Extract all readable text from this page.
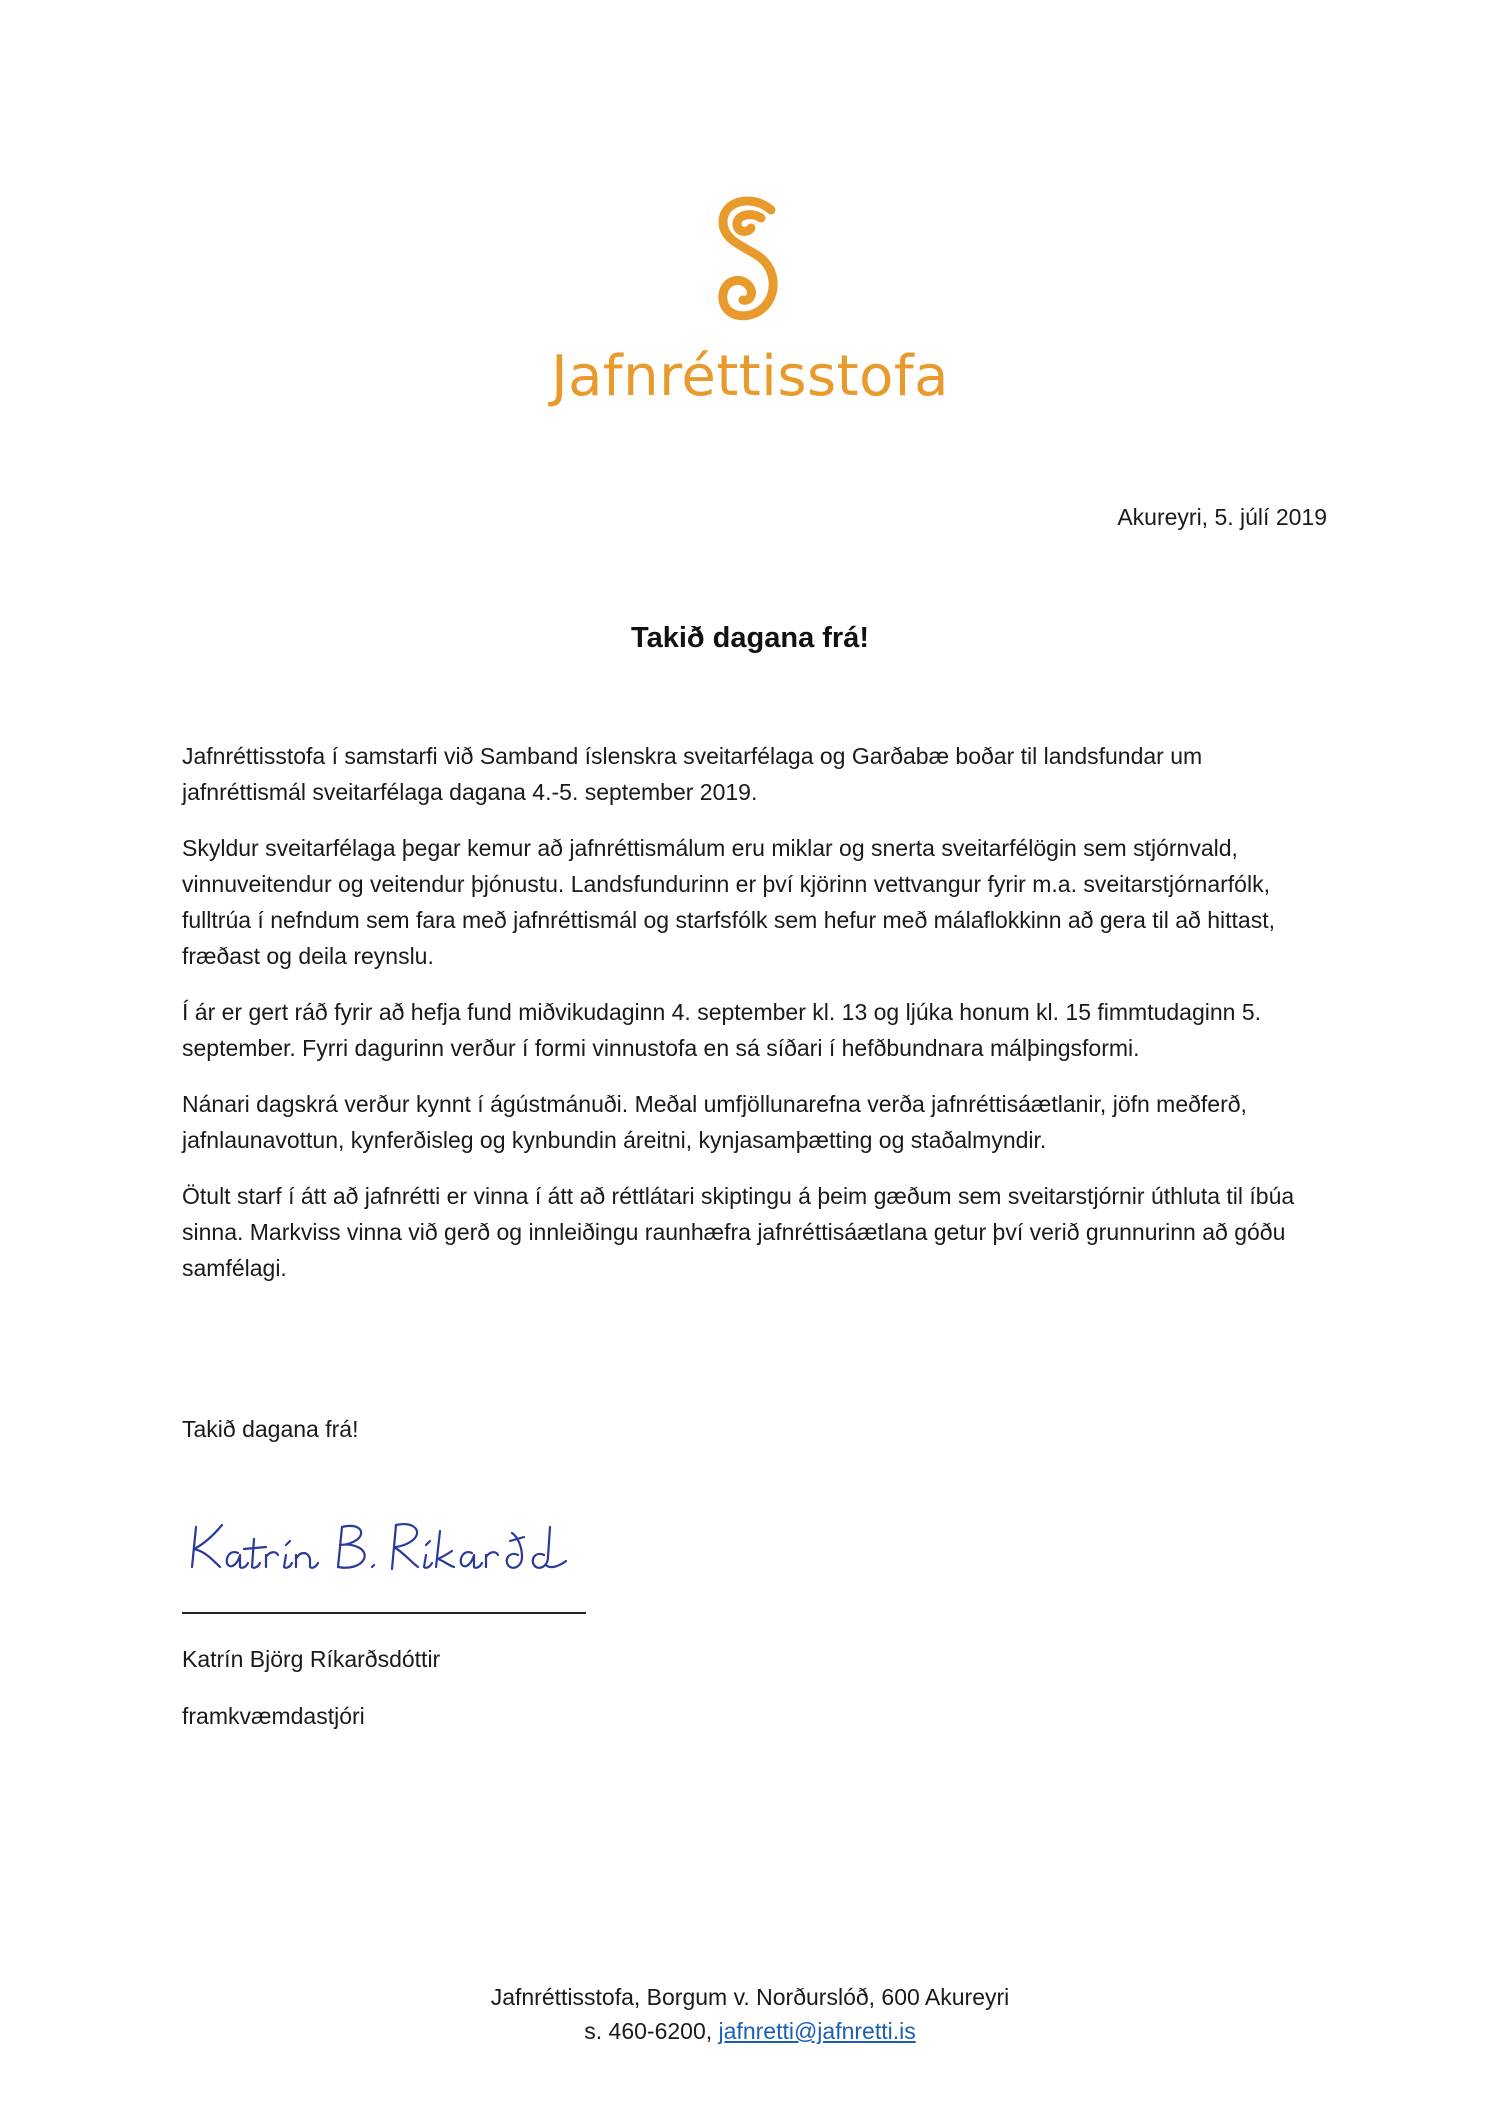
Jafnréttisstofa
Akureyri, 5. júlí 2019
Takið dagana frá!

Jafnréttisstofa í samstarfi við Samband íslenskra sveitarfélaga og Garðabæ boðar til landsfundar um jafnréttismál sveitarfélaga dagana 4.-5. september 2019.

Skyldur sveitarfélaga þegar kemur að jafnréttismálum eru miklar og snerta sveitarfélögin sem stjórnvald, vinnuveitendur og veitendur þjónustu. Landsfundurinn er því kjörinn vettvangur fyrir m.a. sveitarstjórnarfólk, fulltrúa í nefndum sem fara með jafnréttismál og starfsfólk sem hefur með málaflokkinn að gera til að hittast, fræðast og deila reynslu.

Í ár er gert ráð fyrir að hefja fund miðvikudaginn 4. september kl. 13 og ljúka honum kl. 15 fimmtudaginn 5. september. Fyrri dagurinn verður í formi vinnustofa en sá síðari í hefðbundnara málþingsformi.

Nánari dagskrá verður kynnt í ágústmánuði. Meðal umfjöllunarefna verða jafnréttisáætlanir, jöfn meðferð, jafnlaunavottun, kynferðisleg og kynbundin áreitni, kynjasamþætting og staðalmyndir.

Ötult starf í átt að jafnrétti er vinna í átt að réttlátari skiptingu á þeim gæðum sem sveitarstjórnir úthluta til íbúa sinna. Markviss vinna við gerð og innleiðingu raunhæfra jafnréttisáætlana getur því verið grunnurinn að góðu samfélagi.

Takið dagana frá!
Katrín Björg Ríkarðsdóttir
framkvæmdastjóri
Jafnréttisstofa, Borgum v. Norðurslóð, 600 Akureyri
s. 460-6200, jafnretti@jafnretti.is
